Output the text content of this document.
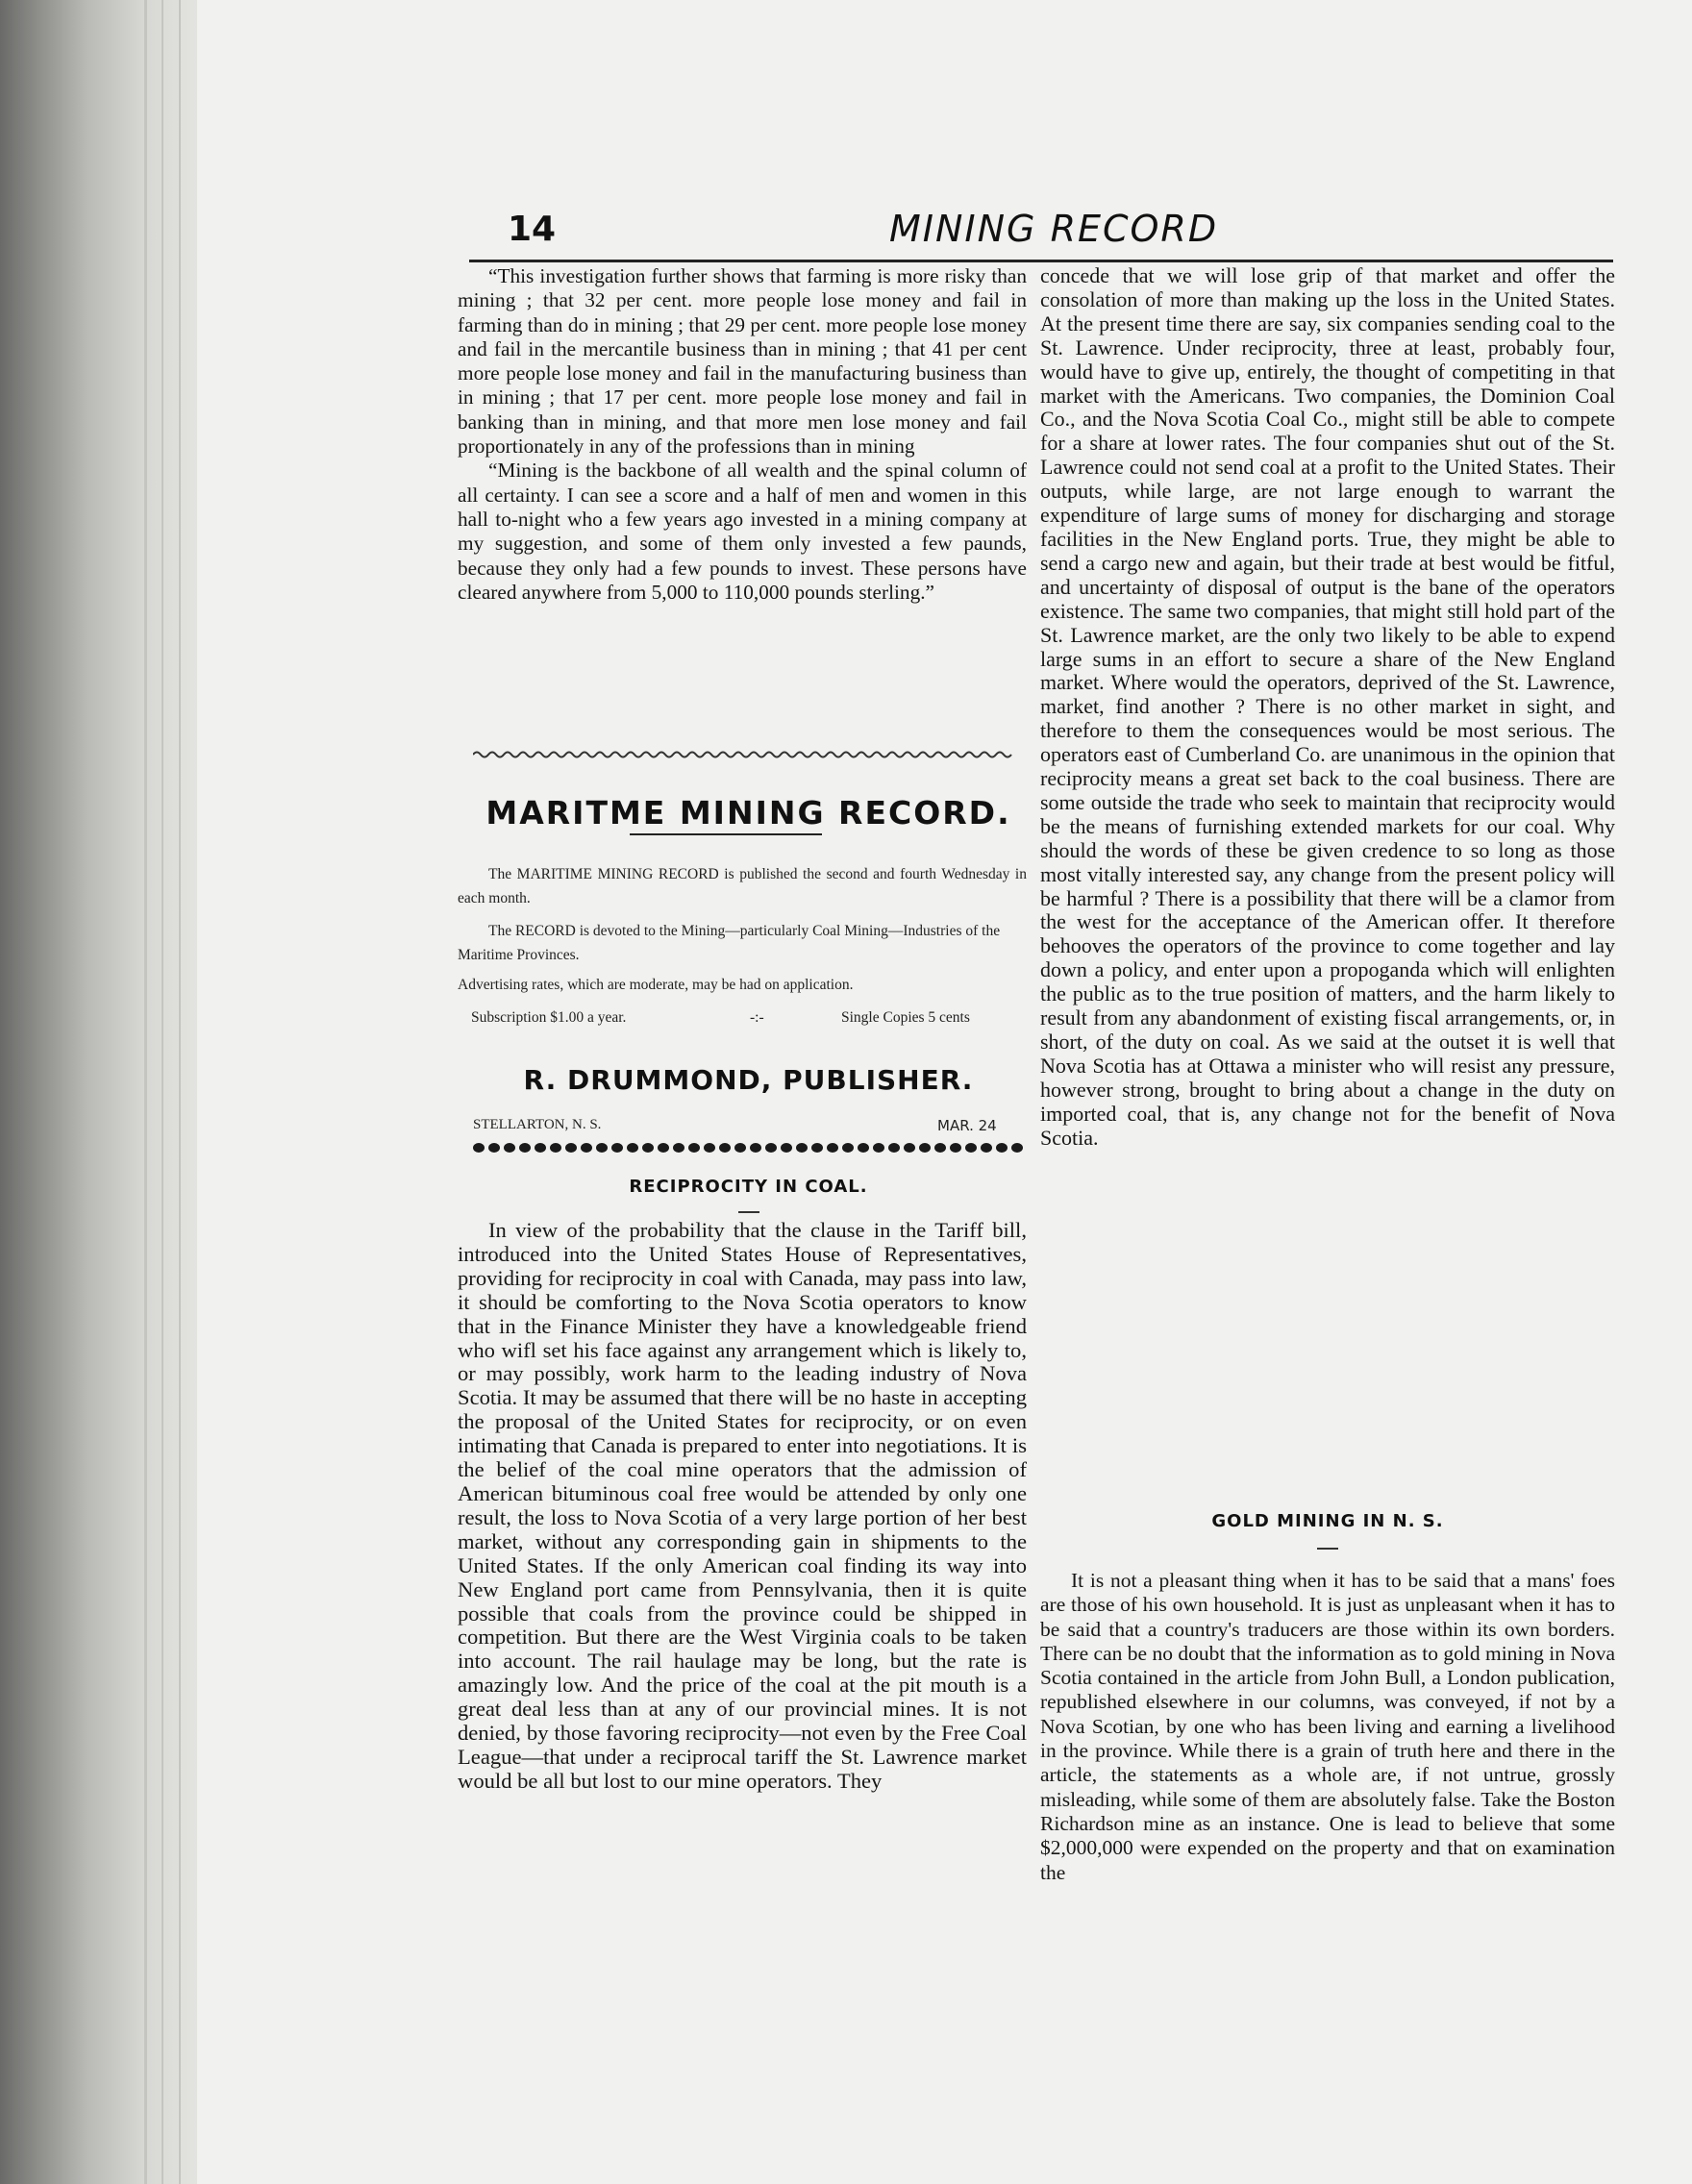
14	MINING RECORD

“This investigation further shows that farming is more risky than mining ; that 32 per cent. more people lose money and fail in farming than do in mining ; that 29 per cent. more people lose money and fail in the mercantile business than in mining ; that 41 per cent more people lose money and fail in the manufacturing business than in mining ; that 17 per cent. more people lose money and fail in banking than in mining, and that more men lose money and fail proportionately in any of the professions than in mining

“Mining is the backbone of all wealth and the spinal column of all certainty. I can see a score and a half of men and women in this hall to-night who a few years ago invested in a mining company at my suggestion, and some of them only invested a few paunds, because they only had a few pounds to invest. These persons have cleared anywhere from 5,000 to 110,000 pounds sterling.”

MARITME MINING RECORD.
The MARITIME MINING RECORD is published the second and fourth Wednesday in each month.
The RECORD is devoted to the Mining—particularly Coal Mining—Industries of the Maritime Provinces.
Advertising rates, which are moderate, may be had on application.
Subscription $1.00 a year.	-:-	Single Copies 5 cents
R. DRUMMOND, PUBLISHER.
STELLARTON, N. S.	MAR. 24
RECIPROCITY IN COAL.

In view of the probability that the clause in the Tariff bill, introduced into the United States House of Representatives, providing for reciprocity in coal with Canada, may pass into law, it should be comforting to the Nova Scotia operators to know that in the Finance Minister they have a knowledgeable friend who wifl set his face against any arrangement which is likely to, or may possibly, work harm to the leading industry of Nova Scotia. It may be assumed that there will be no haste in accepting the proposal of the United States for reciprocity, or on even intimating that Canada is prepared to enter into negotiations. It is the belief of the coal mine operators that the admission of American bituminous coal free would be attended by only one result, the loss to Nova Scotia of a very large portion of her best market, without any corresponding gain in shipments to the United States. If the only American coal finding its way into New England port came from Pennsylvania, then it is quite possible that coals from the province could be shipped in competition. But there are the West Virginia coals to be taken into account. The rail haulage may be long, but the rate is amazingly low. And the price of the coal at the pit mouth is a great deal less than at any of our provincial mines. It is not denied, by those favoring reciprocity—not even by the Free Coal League—that under a reciprocal tariff the St. Lawrence market would be all but lost to our mine operators. They

concede that we will lose grip of that market and offer the consolation of more than making up the loss in the United States. At the present time there are say, six companies sending coal to the St. Lawrence. Under reciprocity, three at least, probably four, would have to give up, entirely, the thought of competiting in that market with the Americans. Two companies, the Dominion Coal Co., and the Nova Scotia Coal Co., might still be able to compete for a share at lower rates. The four companies shut out of the St. Lawrence could not send coal at a profit to the United States. Their outputs, while large, are not large enough to warrant the expenditure of large sums of money for discharging and storage facilities in the New England ports. True, they might be able to send a cargo new and again, but their trade at best would be fitful, and uncertainty of disposal of output is the bane of the operators existence. The same two companies, that might still hold part of the St. Lawrence market, are the only two likely to be able to expend large sums in an effort to secure a share of the New England market. Where would the operators, deprived of the St. Lawrence, market, find another ? There is no other market in sight, and therefore to them the consequences would be most serious. The operators east of Cumberland Co. are unanimous in the opinion that reciprocity means a great set back to the coal business. There are some outside the trade who seek to maintain that reciprocity would be the means of furnishing extended markets for our coal. Why should the words of these be given credence to so long as those most vitally interested say, any change from the present policy will be harmful ? There is a possibility that there will be a clamor from the west for the acceptance of the American offer. It therefore behooves the operators of the province to come together and lay down a policy, and enter upon a propoganda which will enlighten the public as to the true position of matters, and the harm likely to result from any abandonment of existing fiscal arrangements, or, in short, of the duty on coal. As we said at the outset it is well that Nova Scotia has at Ottawa a minister who will resist any pressure, however strong, brought to bring about a change in the duty on imported coal, that is, any change not for the benefit of Nova Scotia.

GOLD MINING IN N. S.

It is not a pleasant thing when it has to be said that a mans' foes are those of his own household. It is just as unpleasant when it has to be said that a country's traducers are those within its own borders. There can be no doubt that the information as to gold mining in Nova Scotia contained in the article from John Bull, a London publication, republished elsewhere in our columns, was conveyed, if not by a Nova Scotian, by one who has been living and earning a livelihood in the province. While there is a grain of truth here and there in the article, the statements as a whole are, if not untrue, grossly misleading, while some of them are absolutely false. Take the Boston Richardson mine as an instance. One is lead to believe that some $2,000,000 were expended on the property and that on examination the
